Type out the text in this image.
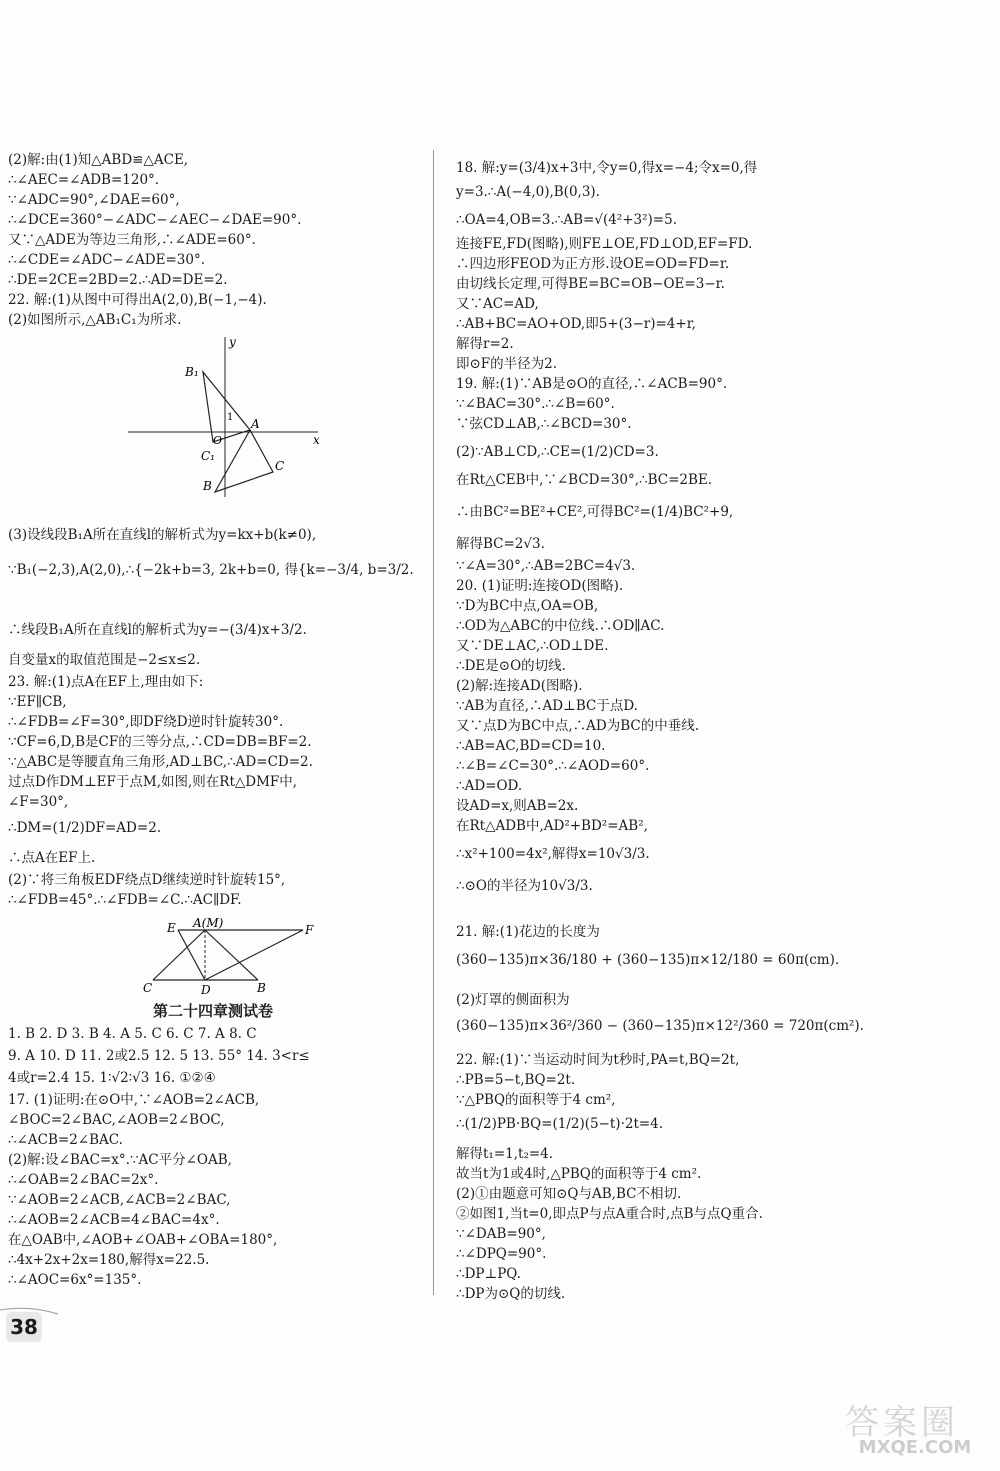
(2)解:由(1)知△ABD≌△ACE,
∴∠AEC=∠ADB=120°.
∵∠ADC=90°,∠DAE=60°,
∴∠DCE=360°−∠ADC−∠AEC−∠DAE=90°.
又∵△ADE为等边三角形,∴∠ADE=60°.
∴∠CDE=∠ADC−∠ADE=30°.
∴DE=2CE=2BD=2.∴AD=DE=2.
22. 解:(1)从图中可得出A(2,0),B(−1,−4).
(2)如图所示,△AB₁C₁为所求.
y
x
O
A
B
C
B₁
C₁
1
(3)设线段B₁A所在直线l的解析式为y=kx+b(k≠0),
∵B₁(−2,3),A(2,0),∴{−2k+b=3, 2k+b=0, 得{k=−3/4, b=3/2.
∴线段B₁A所在直线l的解析式为y=−(3/4)x+3/2.
自变量x的取值范围是−2≤x≤2.
23. 解:(1)点A在EF上,理由如下:
∵EF∥CB,
∴∠FDB=∠F=30°,即DF绕D逆时针旋转30°.
∵CF=6,D,B是CF的三等分点,∴CD=DB=BF=2.
∵△ABC是等腰直角三角形,AD⊥BC,∴AD=CD=2.
过点D作DM⊥EF于点M,如图,则在Rt△DMF中,
∠F=30°,
∴DM=(1/2)DF=AD=2.
∴点A在EF上.
(2)∵将三角板EDF绕点D继续逆时针旋转15°,
∴∠FDB=45°.∴∠FDB=∠C.∴AC∥DF.
E A(M)	F
C	D	B
第二十四章测试卷
1. B 2. D 3. B 4. A 5. C 6. C 7. A 8. C
9. A 10. D 11. 2或2.5 12. 5 13. 55° 14. 3<r≤
4或r=2.4 15. 1∶√2∶√3 16. ①②④
17. (1)证明:在⊙O中,∵∠AOB=2∠ACB,
∠BOC=2∠BAC,∠AOB=2∠BOC,
∴∠ACB=2∠BAC.
(2)解:设∠BAC=x°.∵AC平分∠OAB,
∴∠OAB=2∠BAC=2x°.
∵∠AOB=2∠ACB,∠ACB=2∠BAC,
∴∠AOB=2∠ACB=4∠BAC=4x°.
在△OAB中,∠AOB+∠OAB+∠OBA=180°,
∴4x+2x+2x=180,解得x=22.5.
∴∠AOC=6x°=135°.
18. 解:y=(3/4)x+3中,令y=0,得x=−4;令x=0,得
y=3.∴A(−4,0),B(0,3).
∴OA=4,OB=3.∴AB=√(4²+3²)=5.
连接FE,FD(图略),则FE⊥OE,FD⊥OD,EF=FD.
∴四边形FEOD为正方形.设OE=OD=FD=r.
由切线长定理,可得BE=BC=OB−OE=3−r.
又∵AC=AD,
∴AB+BC=AO+OD,即5+(3−r)=4+r,
解得r=2.
即⊙F的半径为2.
19. 解:(1)∵AB是⊙O的直径,∴∠ACB=90°.
∵∠BAC=30°.∴∠B=60°.
∵弦CD⊥AB,∴∠BCD=30°.
(2)∵AB⊥CD,∴CE=(1/2)CD=3.
在Rt△CEB中,∵∠BCD=30°,∴BC=2BE.
∴由BC²=BE²+CE²,可得BC²=(1/4)BC²+9,
解得BC=2√3.
∵∠A=30°,∴AB=2BC=4√3.
20. (1)证明:连接OD(图略).
∵D为BC中点,OA=OB,
∴OD为△ABC的中位线.∴OD∥AC.
又∵DE⊥AC,∴OD⊥DE.
∴DE是⊙O的切线.
(2)解:连接AD(图略).
∵AB为直径,∴AD⊥BC于点D.
又∵点D为BC中点,∴AD为BC的中垂线.
∴AB=AC,BD=CD=10.
∴∠B=∠C=30°.∴∠AOD=60°.
∴AD=OD.
设AD=x,则AB=2x.
在Rt△ADB中,AD²+BD²=AB²,
∴x²+100=4x²,解得x=10√3/3.
∴⊙O的半径为10√3/3.
21. 解:(1)花边的长度为
(360−135)π×36/180 + (360−135)π×12/180 = 60π(cm).
(2)灯罩的侧面积为
(360−135)π×36²/360 − (360−135)π×12²/360 = 720π(cm²).
22. 解:(1)∵当运动时间为t秒时,PA=t,BQ=2t,
∴PB=5−t,BQ=2t.
∵△PBQ的面积等于4 cm²,
∴(1/2)PB·BQ=(1/2)(5−t)·2t=4.
解得t₁=1,t₂=4.
故当t为1或4时,△PBQ的面积等于4 cm².
(2)①由题意可知⊙Q与AB,BC不相切.
②如图1,当t=0,即点P与点A重合时,点B与点Q重合.
∵∠DAB=90°,
∴∠DPQ=90°.
∴DP⊥PQ.
∴DP为⊙Q的切线.
38
答案圈
MXQE.COM
